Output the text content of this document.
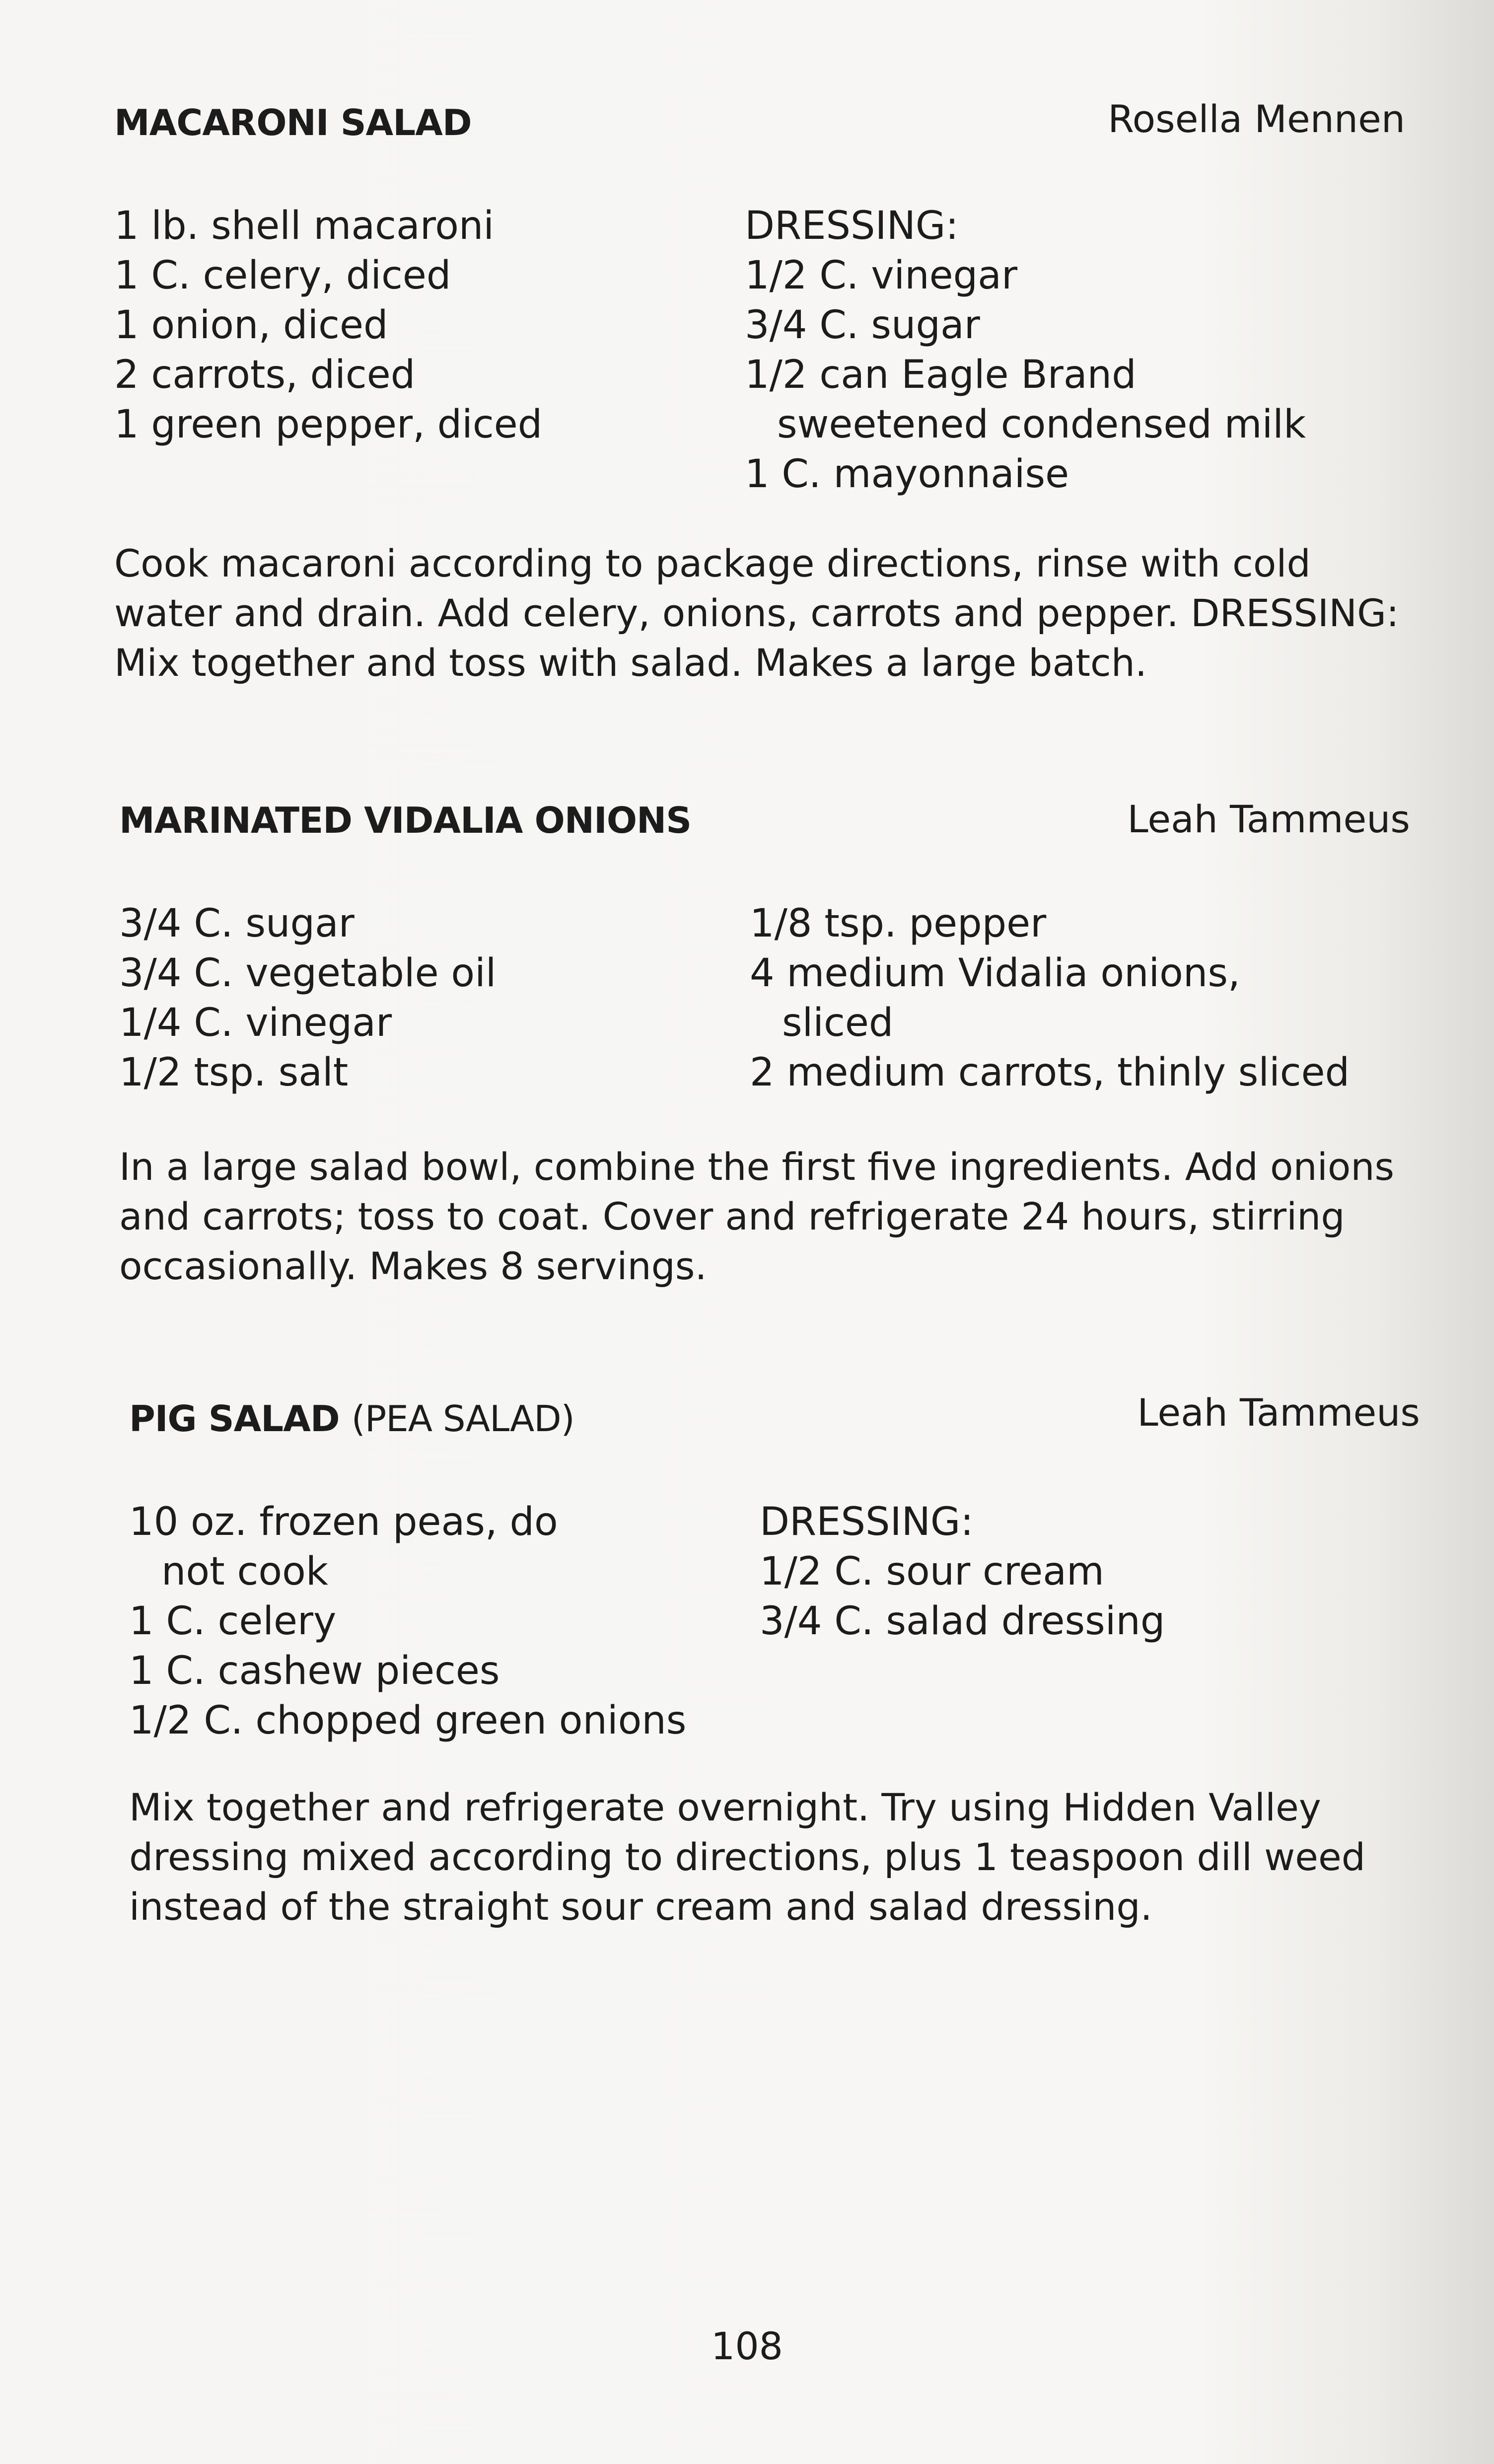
MACARONI SALAD	Rosella Mennen
1 lb. shell macaroni
1 C. celery, diced
1 onion, diced
2 carrots, diced
1 green pepper, diced
DRESSING:
1/2 C. vinegar
3/4 C. sugar
1/2 can Eagle Brand
sweetened condensed milk
1 C. mayonnaise
Cook macaroni according to package directions, rinse with cold water and drain. Add celery, onions, carrots and pepper. DRESSING: Mix together and toss with salad. Makes a large batch.
MARINATED VIDALIA ONIONS	Leah Tammeus
3/4 C. sugar
3/4 C. vegetable oil
1/4 C. vinegar
1/2 tsp. salt
1/8 tsp. pepper
4 medium Vidalia onions,
sliced
2 medium carrots, thinly sliced
In a large salad bowl, combine the first five ingredients. Add onions and carrots; toss to coat. Cover and refrigerate 24 hours, stirring occasionally. Makes 8 servings.
PIG SALAD (PEA SALAD)	Leah Tammeus
10 oz. frozen peas, do
not cook
1 C. celery
1 C. cashew pieces
1/2 C. chopped green onions
DRESSING:
1/2 C. sour cream
3/4 C. salad dressing
Mix together and refrigerate overnight. Try using Hidden Valley dressing mixed according to directions, plus 1 teaspoon dill weed instead of the straight sour cream and salad dressing.
108
